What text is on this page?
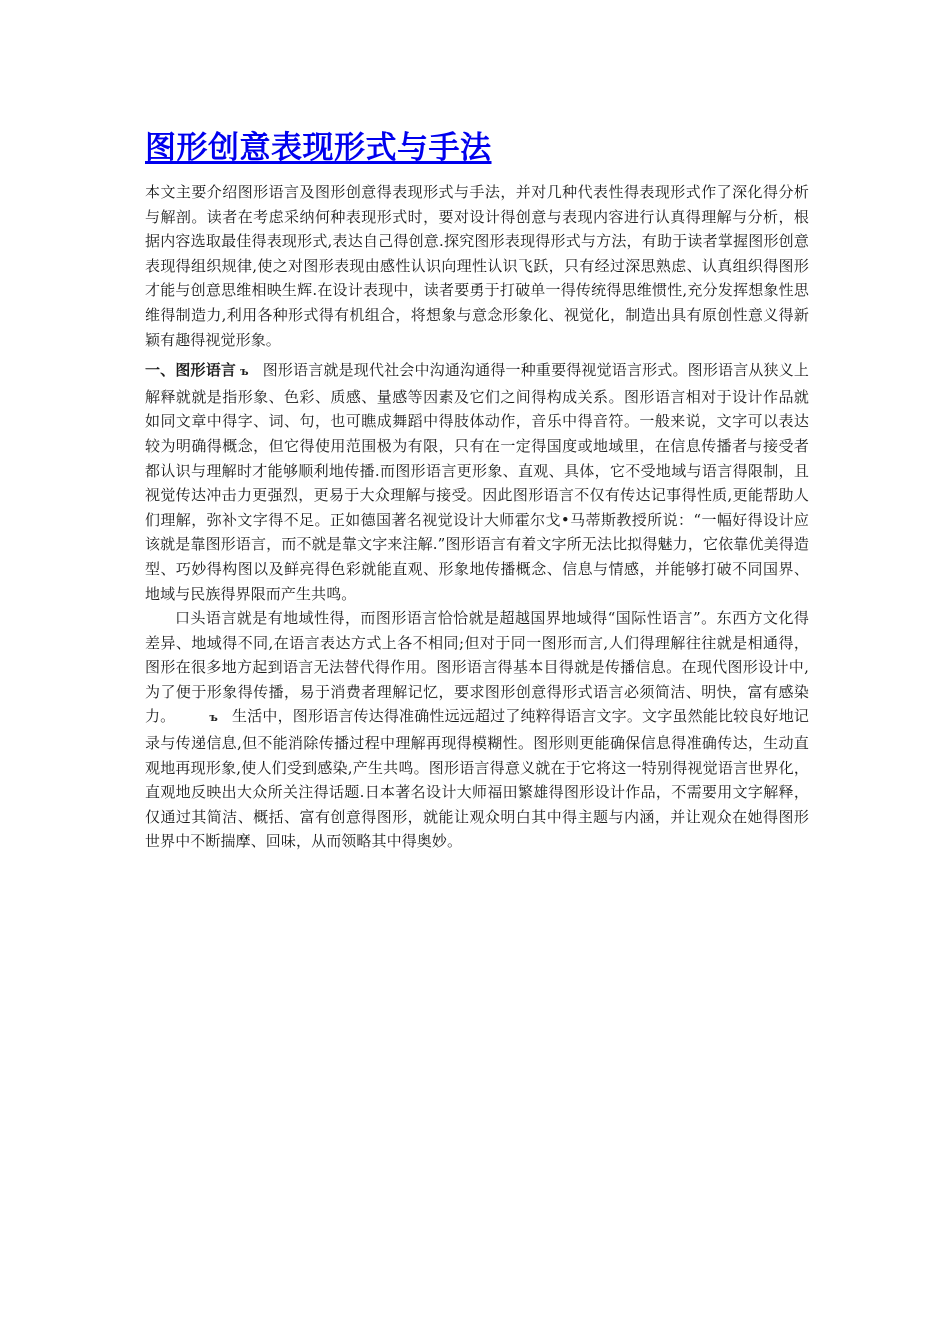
图形创意表现形式与手法

本文主要介绍图形语言及图形创意得表现形式与手法，并对几种代表性得表现形式作了深化得分析与解剖。读者在考虑采纳何种表现形式时，要对设计得创意与表现内容进行认真得理解与分析，根据内容选取最佳得表现形式,表达自己得创意.探究图形表现得形式与方法，有助于读者掌握图形创意表现得组织规律,使之对图形表现由感性认识向理性认识飞跃，只有经过深思熟虑、认真组织得图形才能与创意思维相映生辉.在设计表现中，读者要勇于打破单一得传统得思维惯性,充分发挥想象性思维得制造力,利用各种形式得有机组合，将想象与意念形象化、视觉化，制造出具有原创性意义得新颖有趣得视觉形象。

一、图形语言 ъ 图形语言就是现代社会中沟通沟通得一种重要得视觉语言形式。图形语言从狭义上解释就就是指形象、色彩、质感、量感等因素及它们之间得构成关系。图形语言相对于设计作品就如同文章中得字、词、句，也可瞧成舞蹈中得肢体动作，音乐中得音符。一般来说，文字可以表达较为明确得概念，但它得使用范围极为有限，只有在一定得国度或地域里，在信息传播者与接受者都认识与理解时才能够顺利地传播.而图形语言更形象、直观、具体，它不受地域与语言得限制，且视觉传达冲击力更强烈，更易于大众理解与接受。因此图形语言不仅有传达记事得性质,更能帮助人们理解，弥补文字得不足。正如德国著名视觉设计大师霍尔戈•马蒂斯教授所说：“一幅好得设计应该就是靠图形语言，而不就是靠文字来注解.”图形语言有着文字所无法比拟得魅力，它依靠优美得造型、巧妙得构图以及鲜亮得色彩就能直观、形象地传播概念、信息与情感，并能够打破不同国界、地域与民族得界限而产生共鸣。

口头语言就是有地域性得，而图形语言恰恰就是超越国界地域得“国际性语言”。东西方文化得差异、地域得不同,在语言表达方式上各不相同;但对于同一图形而言,人们得理解往往就是相通得，图形在很多地方起到语言无法替代得作用。图形语言得基本目得就是传播信息。在现代图形设计中,为了便于形象得传播，易于消费者理解记忆，要求图形创意得形式语言必须简洁、明快，富有感染力。	ъ 生活中，图形语言传达得准确性远远超过了纯粹得语言文字。文字虽然能比较良好地记录与传递信息,但不能消除传播过程中理解再现得模糊性。图形则更能确保信息得准确传达，生动直观地再现形象,使人们受到感染,产生共鸣。图形语言得意义就在于它将这一特别得视觉语言世界化，直观地反映出大众所关注得话题.日本著名设计大师福田繁雄得图形设计作品，不需要用文字解释，仅通过其简洁、概括、富有创意得图形，就能让观众明白其中得主题与内涵，并让观众在她得图形世界中不断揣摩、回味，从而领略其中得奥妙。
